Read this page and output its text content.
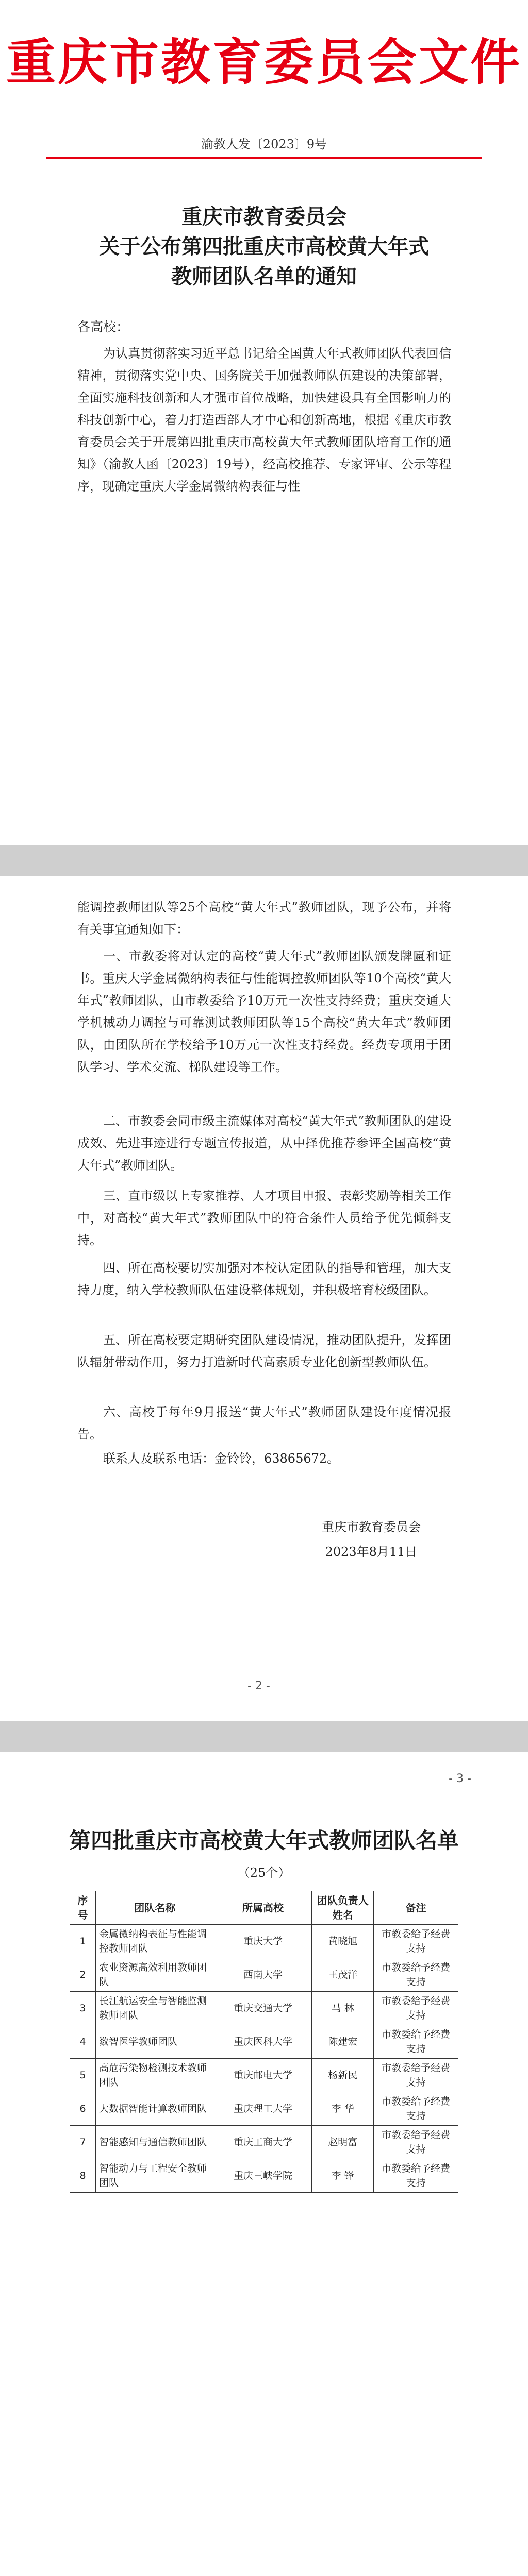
重庆市教育委员会文件
渝教人发〔2023〕9号
重庆市教育委员会
关于公布第四批重庆市高校黄大年式
教师团队名单的通知
各高校：
为认真贯彻落实习近平总书记给全国黄大年式教师团队代表回信精神，贯彻落实党中央、国务院关于加强教师队伍建设的决策部署，全面实施科技创新和人才强市首位战略，加快建设具有全国影响力的科技创新中心，着力打造西部人才中心和创新高地，根据《重庆市教育委员会关于开展第四批重庆市高校黄大年式教师团队培育工作的通知》（渝教人函〔2023〕19号），经高校推荐、专家评审、公示等程序，现确定重庆大学金属微纳构表征与性
能调控教师团队等25个高校“黄大年式”教师团队，现予公布，并将有关事宜通知如下：
一、市教委将对认定的高校“黄大年式”教师团队颁发牌匾和证书。重庆大学金属微纳构表征与性能调控教师团队等10个高校“黄大年式”教师团队，由市教委给予10万元一次性支持经费；重庆交通大学机械动力调控与可靠测试教师团队等15个高校“黄大年式”教师团队，由团队所在学校给予10万元一次性支持经费。经费专项用于团队学习、学术交流、梯队建设等工作。
二、市教委会同市级主流媒体对高校“黄大年式”教师团队的建设成效、先进事迹进行专题宣传报道，从中择优推荐参评全国高校“黄大年式”教师团队。
三、直市级以上专家推荐、人才项目申报、表彰奖励等相关工作中，对高校“黄大年式”教师团队中的符合条件人员给予优先倾斜支持。
四、所在高校要切实加强对本校认定团队的指导和管理，加大支持力度，纳入学校教师队伍建设整体规划，并积极培育校级团队。
五、所在高校要定期研究团队建设情况，推动团队提升，发挥团队辐射带动作用，努力打造新时代高素质专业化创新型教师队伍。
六、高校于每年9月报送“黄大年式”教师团队建设年度情况报告。
联系人及联系电话：金铃铃，63865672。
重庆市教育委员会
2023年8月11日
- 2 -
- 3 -
第四批重庆市高校黄大年式教师团队名单
（25个）
序号	团队名称	所属高校	团队负责人姓名	备注
1	金属微纳构表征与性能调控教师团队	重庆大学	黄晓旭	市教委给予经费支持
2	农业资源高效利用教师团队	西南大学	王茂洋	市教委给予经费支持
3	长江航运安全与智能监测教师团队	重庆交通大学	马 林	市教委给予经费支持
4	数智医学教师团队	重庆医科大学	陈建宏	市教委给予经费支持
5	高危污染物检测技术教师团队	重庆邮电大学	杨新民	市教委给予经费支持
6	大数据智能计算教师团队	重庆理工大学	李 华	市教委给予经费支持
7	智能感知与通信教师团队	重庆工商大学	赵明富	市教委给予经费支持
8	智能动力与工程安全教师团队	重庆三峡学院	李 锋	市教委给予经费支持
